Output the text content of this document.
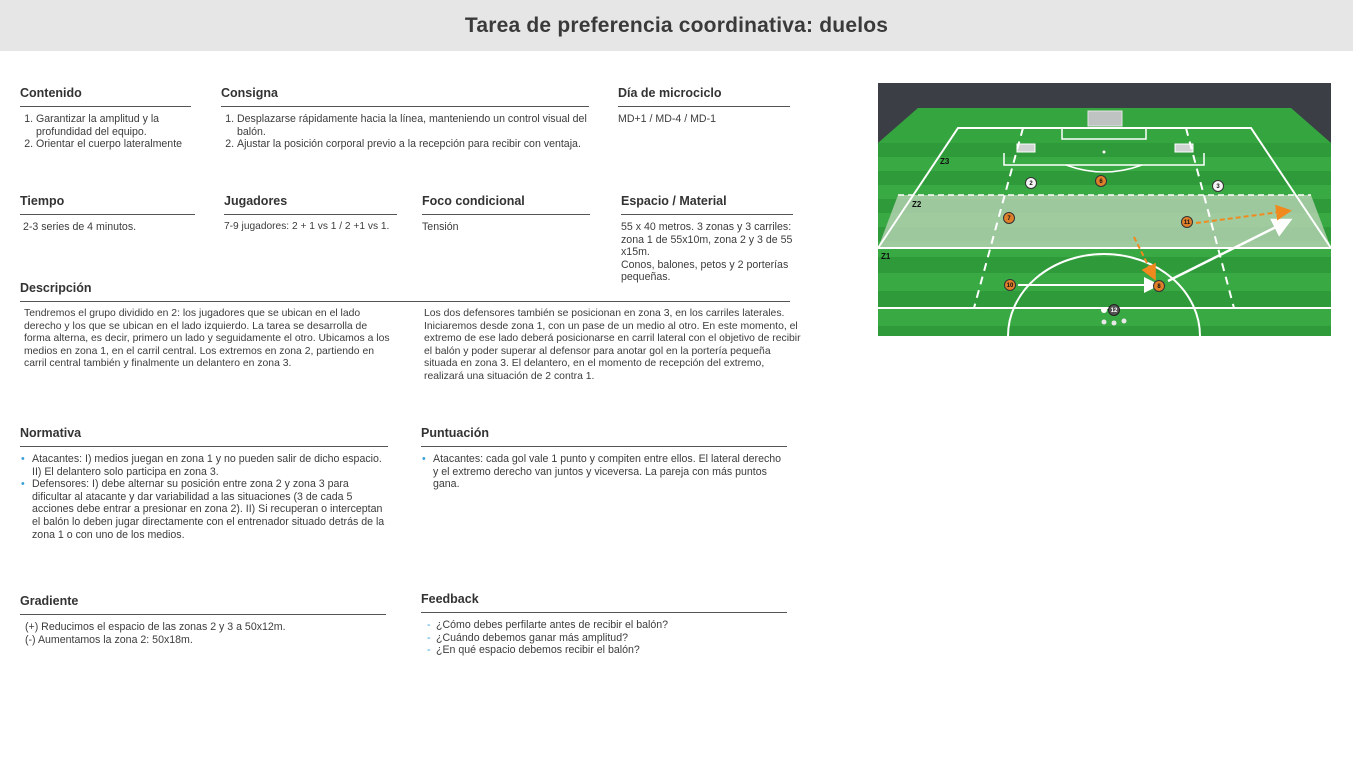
Tarea de preferencia coordinativa: duelos
Contenido
1. Garantizar la amplitud y la profundidad del equipo.
2. Orientar el cuerpo lateralmente
Consigna
1. Desplazarse rápidamente hacia la línea, manteniendo un control visual del balón.
2. Ajustar la posición corporal previo a la recepción para recibir con ventaja.
Día de microciclo

MD+1 / MD-4 / MD-1

Tiempo

2-3 series de 4 minutos.

Jugadores

7-9 jugadores: 2 + 1 vs 1 / 2 +1 vs 1.

Foco condicional

Tensión

Espacio / Material

55 x 40 metros. 3 zonas y 3 carriles: zona 1 de 55x10m, zona 2 y 3 de 55 x15m.

Conos, balones, petos y 2 porterías pequeñas.

Descripción

Tendremos el grupo dividido en 2: los jugadores que se ubican en el lado derecho y los que se ubican en el lado izquierdo. La tarea se desarrolla de forma alterna, es decir, primero un lado y seguidamente el otro. Ubicamos a los medios en zona 1, en el carril central. Los extremos en zona 2, partiendo en carril central también y finalmente un delantero en zona 3.

Los dos defensores también se posicionan en zona 3, en los carriles laterales. Iniciaremos desde zona 1, con un pase de un medio al otro. En este momento, el extremo de ese lado deberá posicionarse en carril lateral con el objetivo de recibir el balón y poder superar al defensor para anotar gol en la portería pequeña situada en zona 3. El delantero, en el momento de recepción del extremo, realizará una situación de 2 contra 1.

Normativa
• Atacantes: I) medios juegan en zona 1 y no pueden salir de dicho espacio. II) El delantero solo participa en zona 3.
• Defensores: I) debe alternar su posición entre zona 2 y zona 3 para dificultar al atacante y dar variabilidad a las situaciones (3 de cada 5 acciones debe entrar a presionar en zona 2). II) Si recuperan o interceptan el balón lo deben jugar directamente con el entrenador situado detrás de la zona 1 o con uno de los medios.
Puntuación
• Atacantes: cada gol vale 1 punto y compiten entre ellos. El lateral derecho y el extremo derecho van juntos y viceversa. La pareja con más puntos gana.
Gradiente

(+) Reducimos el espacio de las zonas 2 y 3 a 50x12m.

(-) Aumentamos la zona 2: 50x18m.

Feedback
- ¿Cómo debes perfilarte antes de recibir el balón?
- ¿Cuándo debemos ganar más amplitud?
- ¿En qué espacio debemos recibir el balón?
Z3
Z2
Z1
2	6
3
7
11
10	8
12
